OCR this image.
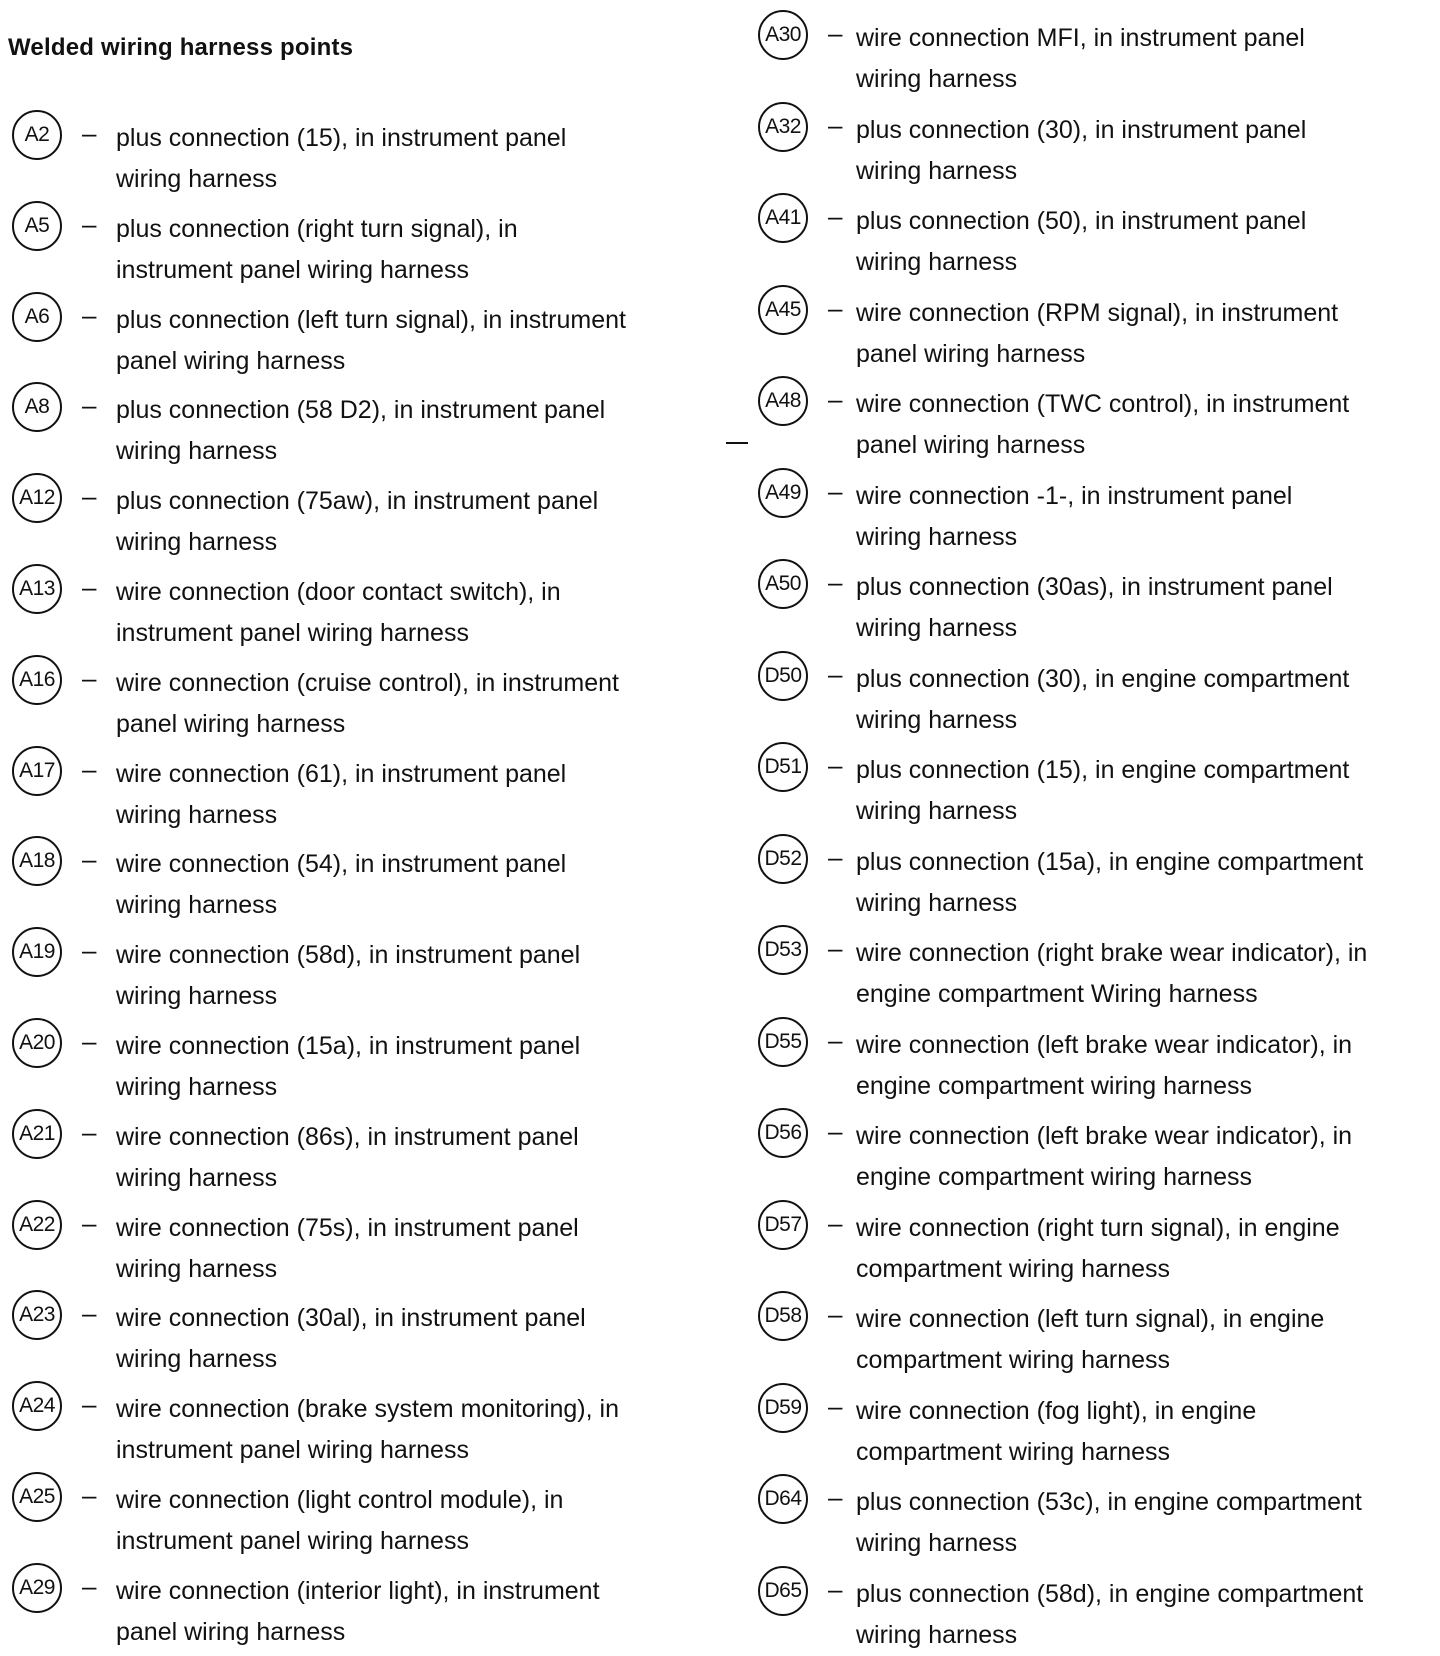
Welded wiring harness points
A2	– plus connection (15), in instrument panel
wiring harness
A5	– plus connection (right turn signal), in
instrument panel wiring harness
A6	– plus connection (left turn signal), in instrument
panel wiring harness
A8	– plus connection (58 D2), in instrument panel
wiring harness
A12 – plus connection (75aw), in instrument panel
wiring harness
A13 – wire connection (door contact switch), in
instrument panel wiring harness
A16 – wire connection (cruise control), in instrument
panel wiring harness
A17 – wire connection (61), in instrument panel
wiring harness
A18 – wire connection (54), in instrument panel
wiring harness
A19 – wire connection (58d), in instrument panel
wiring harness
A20 – wire connection (15a), in instrument panel
wiring harness
A21 – wire connection (86s), in instrument panel
wiring harness
A22 – wire connection (75s), in instrument panel
wiring harness
A23 – wire connection (30al), in instrument panel
wiring harness
A24 – wire connection (brake system monitoring), in
instrument panel wiring harness
A25 – wire connection (light control module), in
instrument panel wiring harness
A29 – wire connection (interior light), in instrument
panel wiring harness
A30 – wire connection MFI, in instrument panel
wiring harness
A32 – plus connection (30), in instrument panel
wiring harness
A41 – plus connection (50), in instrument panel
wiring harness
A45 – wire connection (RPM signal), in instrument
panel wiring harness
A48 – wire connection (TWC control), in instrument
panel wiring harness
A49 – wire connection -1-, in instrument panel
wiring harness
A50 – plus connection (30as), in instrument panel
wiring harness
D50 – plus connection (30), in engine compartment
wiring harness
D51 – plus connection (15), in engine compartment
wiring harness
D52 – plus connection (15a), in engine compartment
wiring harness
D53 – wire connection (right brake wear indicator), in
engine compartment Wiring harness
D55 – wire connection (left brake wear indicator), in
engine compartment wiring harness
D56 – wire connection (left brake wear indicator), in
engine compartment wiring harness
D57 – wire connection (right turn signal), in engine
compartment wiring harness
D58 – wire connection (left turn signal), in engine
compartment wiring harness
D59 – wire connection (fog light), in engine
compartment wiring harness
D64 – plus connection (53c), in engine compartment
wiring harness
D65 – plus connection (58d), in engine compartment
wiring harness
